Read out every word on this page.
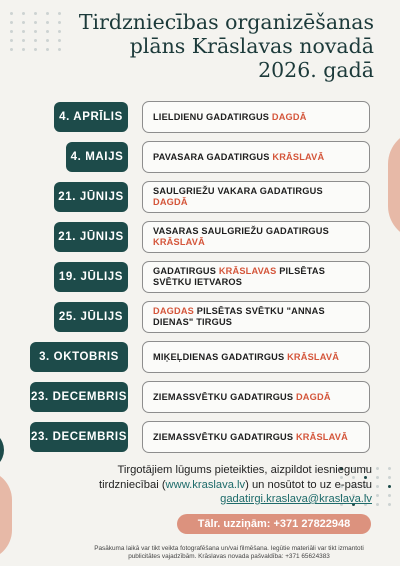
Tirdzniecības organizēšanas
plāns Krāslavas novadā
2026. gadā
4. APRĪLIS	LIELDIENU GADATIRGUS DAGDĀ
4. MAIJS	PAVASARA GADATIRGUS KRĀSLAVĀ
21. JŪNIJS	SAULGRIEŽU VAKARA GADATIRGUS DAGDĀ
21. JŪNIJS	VASARAS SAULGRIEŽU GADATIRGUS KRĀSLAVĀ
19. JŪLIJS	GADATIRGUS KRĀSLAVAS PILSĒTAS SVĒTKU IETVAROS
25. JŪLIJS	DAGDAS PILSĒTAS SVĒTKU "ANNAS DIENAS" TIRGUS
3. OKTOBRIS	MIĶEĻDIENAS GADATIRGUS KRĀSLAVĀ
23. DECEMBRIS	ZIEMASSVĒTKU GADATIRGUS DAGDĀ
23. DECEMBRIS	ZIEMASSVĒTKU GADATIRGUS KRĀSLAVĀ
Tirgotājiem lūgums pieteikties, aizpildot iesniegumu
tirdzniecībai (www.kraslava.lv) un nosūtot to uz e-pastu
gadatirgi.kraslava@kraslava.lv
Tālr. uzziņām: +371 27822948
Pasākuma laikā var tikt veikta fotografēšana un/vai filmēšana. Iegūtie materiāli var tikt izmantoti
publicitātes vajadzībām. Krāslavas novada pašvaldība: +371 65624383
